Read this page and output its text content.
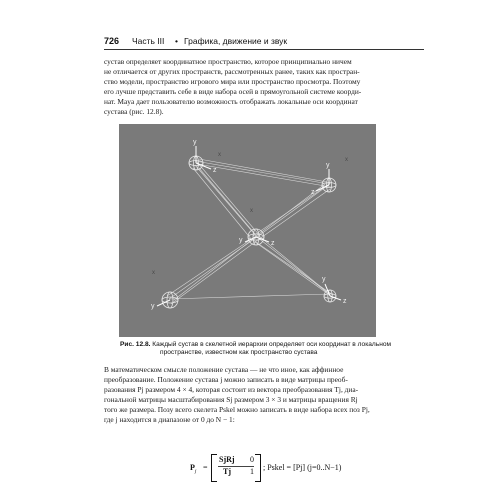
726 Часть III • Графика, движение и звук
сустав определяет координатное пространство, которое принципиально ничем
не отличается от других пространств, рассмотренных ранее, таких как простран-
ство модели, пространство игрового мира или пространство просмотра. Поэтому
его лучше представить себе в виде набора осей в прямоугольной системе коорди-
нат. Maya дает пользователю возможность отображать локальные оси координат
сустава (рис. 12.8).
y
z
y
z
y	z
y
z
y
x
x
x
x
Рис. 12.8. Каждый сустав в скелетной иерархии определяет оси координат в локальном
пространстве, известном как пространство сустава
В математическом смысле положение сустава — не что иное, как аффинное
преобразование. Положение сустава j можно записать в виде матрицы преоб-
разования Pj размером 4 × 4, которая состоит из вектора преобразования Tj, диа-
гональной матрицы масштабирования Sj размером 3 × 3 и матрицы вращения Rj
того же размера. Позу всего скелета Pskel можно записать в виде набора всех поз Pj,
где j находится в диапазоне от 0 до N − 1:
$P_j$ =
SjRj 0
Tj 1 ; Pskel = [Pj] (j=0..N−1)
